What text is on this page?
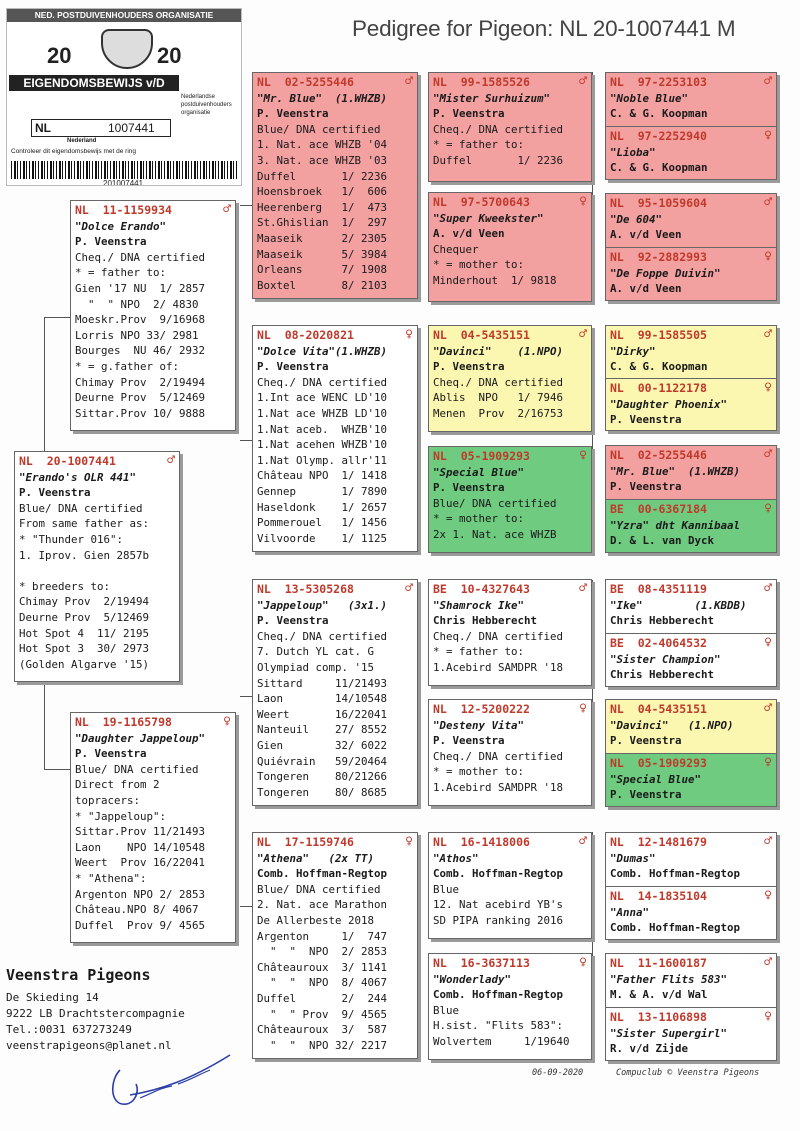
Pedigree for Pigeon: NL 20-1007441 M
NED. POSTDUIVENHOUDERS ORGANISATIE
20	20
EIGENDOMSBEWIJS v/D RING
NL	1007441
Nederland
Nederlandse postduivenhouders organisatie
Controleer dit eigendomsbewijs met de ring
201007441
NL  20-1007441	♂
"Erando's OLR 441"
P. Veenstra
Blue/ DNA certified
From same father as:
* "Thunder 016":
1. Iprov. Gien 2857b
* breeders to:
Chimay Prov  2/19494
Deurne Prov  5/12469
Hot Spot 4  11/ 2195
Hot Spot 3  30/ 2973
(Golden Algarve '15)
NL  11-1159934	♂
"Dolce Erando"
P. Veenstra
Cheq./ DNA certified
* = father to:
Gien '17 NU  1/ 2857
"  " NPO  2/ 4830
Moeskr.Prov  9/16968
Lorris NPO 33/ 2981
Bourges  NU 46/ 2932
* = g.father of:
Chimay Prov  2/19494
Deurne Prov  5/12469
Sittar.Prov 10/ 9888
NL  19-1165798	♀
"Daughter Jappeloup"
P. Veenstra
Blue/ DNA certified
Direct from 2
topracers:
* "Jappeloup":
Sittar.Prov 11/21493
Laon    NPO 14/10548
Weert  Prov 16/22041
* "Athena":
Argenton NPO 2/ 2853
Château.NPO 8/ 4067
Duffel  Prov 9/ 4565
NL  02-5255446	♂
"Mr. Blue"  (1.WHZB)
P. Veenstra
Blue/ DNA certified
1. Nat. ace WHZB '04
3. Nat. ace WHZB '03
Duffel       1/ 2236
Hoensbroek   1/  606
Heerenberg   1/  473
St.Ghislian  1/  297
Maaseik      2/ 2305
Maaseik      5/ 3984
Orleans      7/ 1908
Boxtel       8/ 2103
NL  08-2020821	♀
"Dolce Vita"(1.WHZB)
P. Veenstra
Cheq./ DNA certified
1.Int ace WENC LD'10
1.Nat ace WHZB LD'10
1.Nat aceb.  WHZB'10
1.Nat acehen WHZB'10
1.Nat Olymp. allr'11
Château NPO  1/ 1418
Gennep       1/ 7890
Haseldonk    1/ 2657
Pommerouel   1/ 1456
Vilvoorde    1/ 1125
NL  13-5305268	♂
"Jappeloup"   (3x1.)
P. Veenstra
Cheq./ DNA certified
7. Dutch YL cat. G
Olympiad comp. '15
Sittard     11/21493
Laon        14/10548
Weert       16/22041
Nanteuil    27/ 8552
Gien        32/ 6022
Quiévrain   59/20464
Tongeren    80/21266
Tongeren    80/ 8685
NL  17-1159746	♀
"Athena"   (2x TT)
Comb. Hoffman-Regtop
Blue/ DNA certified
2. Nat. ace Marathon
De Allerbeste 2018
Argenton     1/  747
"  "  NPO  2/ 2853
Châteauroux  3/ 1141
"  "  NPO  8/ 4067
Duffel       2/  244
"  " Prov  9/ 4565
Châteauroux  3/  587
"  "  NPO 32/ 2217
NL  99-1585526	♂
"Mister Surhuizum"
P. Veenstra
Cheq./ DNA certified
* = father to:
Duffel       1/ 2236
NL  97-5700643	♀
"Super Kweekster"
A. v/d Veen
Chequer
* = mother to:
Minderhout  1/ 9818
NL  04-5435151	♂
"Davinci"    (1.NPO)
P. Veenstra
Cheq./ DNA certified
Ablis  NPO   1/ 7946
Menen  Prov  2/16753
NL  05-1909293	♀
"Special Blue"
P. Veenstra
Blue/ DNA certified
* = mother to:
2x 1. Nat. ace WHZB
BE  10-4327643	♂
"Shamrock Ike"
Chris Hebberecht
Cheq./ DNA certified
* = father to:
1.Acebird SAMDPR '18
NL  12-5200222	♀
"Desteny Vita"
P. Veenstra
Cheq./ DNA certified
* = mother to:
1.Acebird SAMDPR '18
NL  16-1418006	♂
"Athos"
Comb. Hoffman-Regtop
Blue
12. Nat acebird YB's
SD PIPA ranking 2016
NL  16-3637113	♀
"Wonderlady"
Comb. Hoffman-Regtop
Blue
H.sist. "Flits 583":
Wolvertem     1/19640
NL  97-2253103	♂
"Noble Blue"
C. & G. Koopman
NL  97-2252940	♀
"Lioba"
C. & G. Koopman
NL  95-1059604	♂
"De 604"
A. v/d Veen
NL  92-2882993	♀
"De Foppe Duivin"
A. v/d Veen
NL  99-1585505	♂
"Dirky"
C. & G. Koopman
NL  00-1122178	♀
"Daughter Phoenix"
P. Veenstra
NL  02-5255446	♂
"Mr. Blue"  (1.WHZB)
P. Veenstra
BE  00-6367184	♀
"Yzra" dht Kannibaal
D. & L. van Dyck
BE  08-4351119	♂
"Ike"        (1.KBDB)
Chris Hebberecht
BE  02-4064532	♀
"Sister Champion"
Chris Hebberecht
NL  04-5435151	♂
"Davinci"   (1.NPO)
P. Veenstra
NL  05-1909293	♀
"Special Blue"
P. Veenstra
NL  12-1481679	♂
"Dumas"
Comb. Hoffman-Regtop
NL  14-1835104	♀
"Anna"
Comb. Hoffman-Regtop
NL  11-1600187	♂
"Father Flits 583"
M. & A. v/d Wal
NL  13-1106898	♀
"Sister Supergirl"
R. v/d Zijde
Veenstra Pigeons
De Skieding 14
9222 LB Drachtstercompagnie
Tel.:0031 637273249
veenstrapigeons@planet.nl
06-09-2020	Compuclub © Veenstra Pigeons
